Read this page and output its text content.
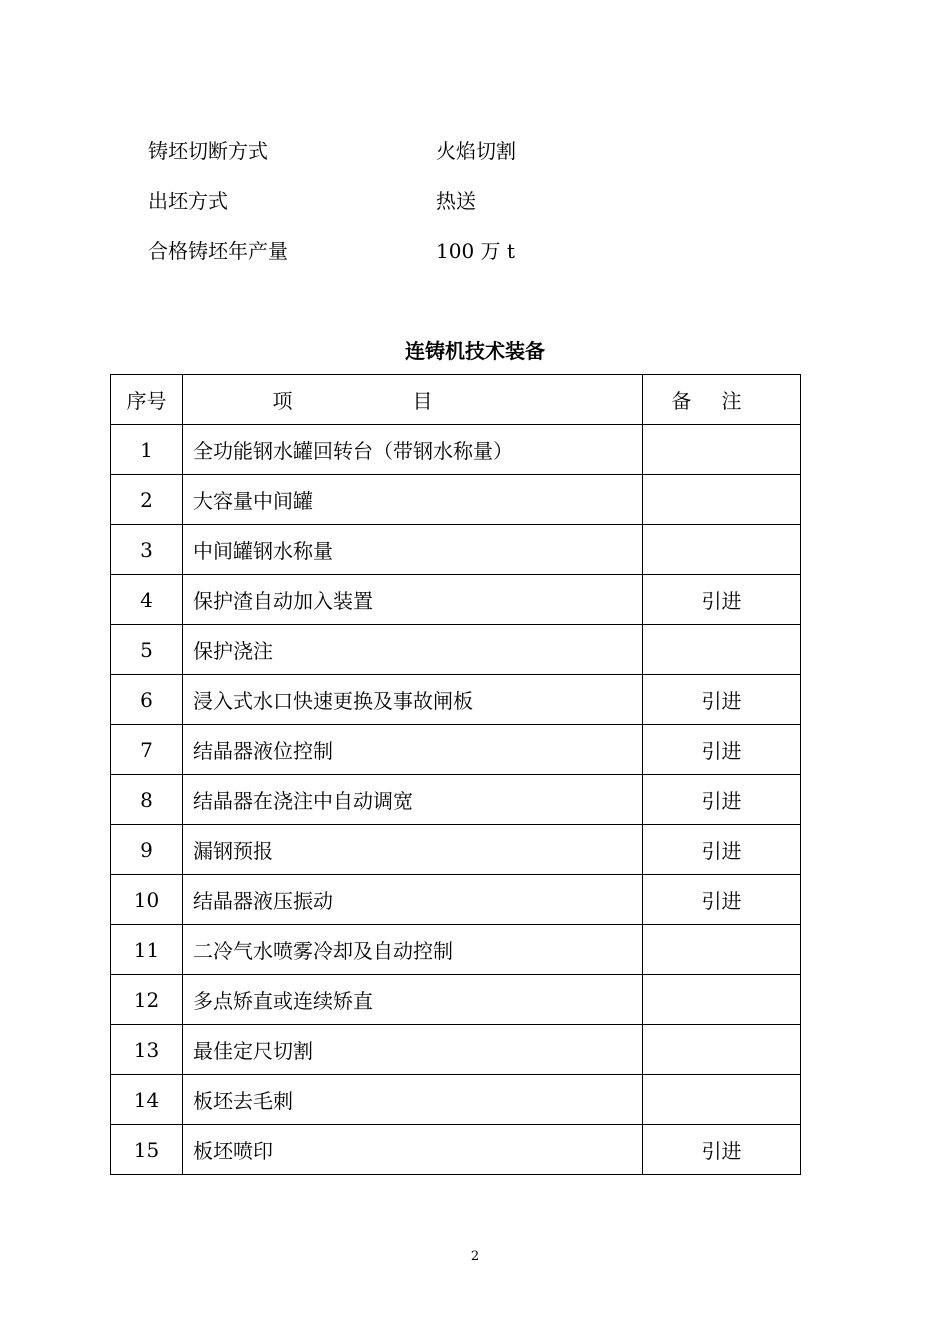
铸坯切断方式	火焰切割
出坯方式	热送
合格铸坯年产量	100 万 t
连铸机技术装备
序号	项目	备注
1	全功能钢水罐回转台（带钢水称量）	
2	大容量中间罐	
3	中间罐钢水称量	
4	保护渣自动加入装置	引进
5	保护浇注	
6	浸入式水口快速更换及事故闸板	引进
7	结晶器液位控制	引进
8	结晶器在浇注中自动调宽	引进
9	漏钢预报	引进
10	结晶器液压振动	引进
11	二冷气水喷雾冷却及自动控制	
12	多点矫直或连续矫直	
13	最佳定尺切割	
14	板坯去毛刺	
15	板坯喷印	引进
2
